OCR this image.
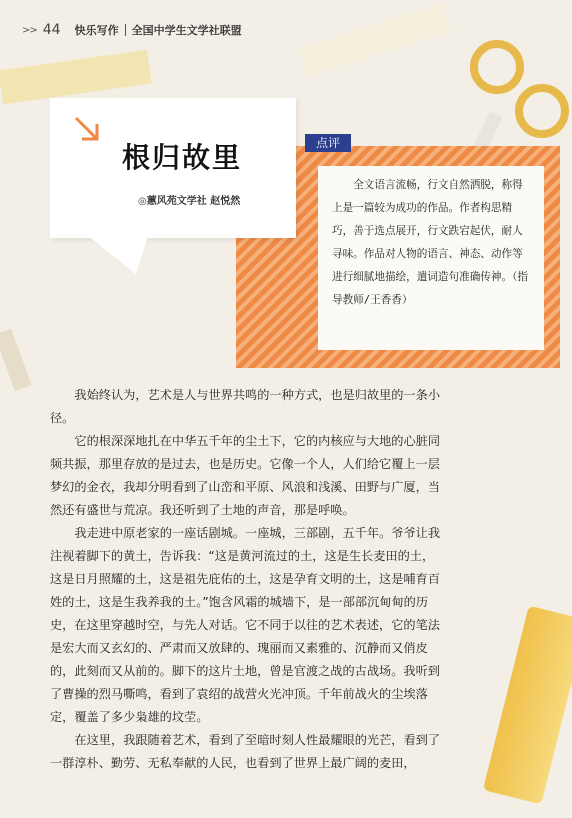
>> 44 快乐写作 全国中学生文学社联盟
根归故里
◎蕙风苑文学社 赵悦然
点评
全文语言流畅，行文自然洒脱，称得上是一篇较为成功的作品。作者构思精巧，善于选点展开，行文跌宕起伏，耐人寻味。作品对人物的语言、神态、动作等进行细腻地描绘，遣词造句准确传神。（指导教师/王香香）

我始终认为，艺术是人与世界共鸣的一种方式，也是归故里的一条小径。

它的根深深地扎在中华五千年的尘土下，它的内核应与大地的心脏同频共振，那里存放的是过去，也是历史。它像一个人，人们给它覆上一层梦幻的金衣，我却分明看到了山峦和平原、风浪和浅溪、田野与广厦，当然还有盛世与荒凉。我还听到了土地的声音，那是呼唤。

我走进中原老家的一座话剧城。一座城，三部剧，五千年。爷爷让我注视着脚下的黄土，告诉我：“这是黄河流过的土，这是生长麦田的土，这是日月照耀的土，这是祖先庇佑的土，这是孕育文明的土，这是哺育百姓的土，这是生我养我的土。”饱含风霜的城墙下，是一部部沉甸甸的历史，在这里穿越时空，与先人对话。它不同于以往的艺术表述，它的笔法是宏大而又玄幻的、严肃而又放肆的、瑰丽而又素雅的、沉静而又俏皮的，此刻而又从前的。脚下的这片土地，曾是官渡之战的古战场。我听到了曹操的烈马嘶鸣，看到了袁绍的战营火光冲顶。千年前战火的尘埃落定，覆盖了多少枭雄的坟茔。

在这里，我跟随着艺术，看到了至暗时刻人性最耀眼的光芒，看到了一群淳朴、勤劳、无私奉献的人民，也看到了世界上最广阔的麦田，
